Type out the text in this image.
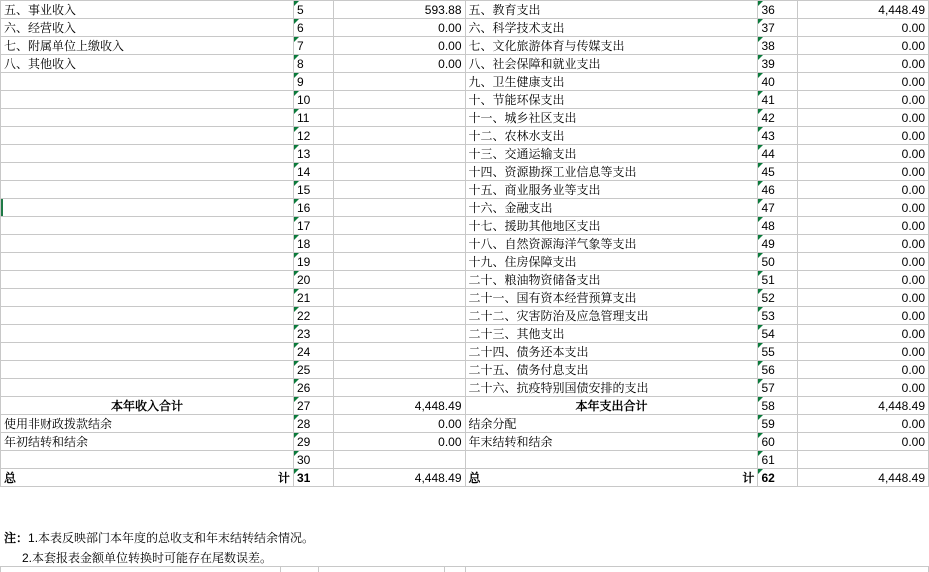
五、事业收入	5	593.88	五、教育支出	36	4,448.49
六、经营收入	6	0.00	六、科学技术支出	37	0.00
七、附属单位上缴收入	7	0.00	七、文化旅游体育与传媒支出	38	0.00
八、其他收入	8	0.00	八、社会保障和就业支出	39	0.00
	9		九、卫生健康支出	40	0.00
	10		十、节能环保支出	41	0.00
	11		十一、城乡社区支出	42	0.00
	12		十二、农林水支出	43	0.00
	13		十三、交通运输支出	44	0.00
	14		十四、资源勘探工业信息等支出	45	0.00
	15		十五、商业服务业等支出	46	0.00
	16		十六、金融支出	47	0.00
	17		十七、援助其他地区支出	48	0.00
	18		十八、自然资源海洋气象等支出	49	0.00
	19		十九、住房保障支出	50	0.00
	20		二十、粮油物资储备支出	51	0.00
	21		二十一、国有资本经营预算支出	52	0.00
	22		二十二、灾害防治及应急管理支出	53	0.00
	23		二十三、其他支出	54	0.00
	24		二十四、债务还本支出	55	0.00
	25		二十五、债务付息支出	56	0.00
	26		二十六、抗疫特别国债安排的支出	57	0.00
本年收入合计	27	4,448.49	本年支出合计	58	4,448.49
使用非财政拨款结余	28	0.00	结余分配	59	0.00
年初结转和结余	29	0.00	年末结转和结余	60	0.00
	30			61	

总 计	31	4,448.49	总 计	62	4,448.49
注：1.本表反映部门本年度的总收支和年末结转结余情况。
2.本套报表金额单位转换时可能存在尾数误差。
